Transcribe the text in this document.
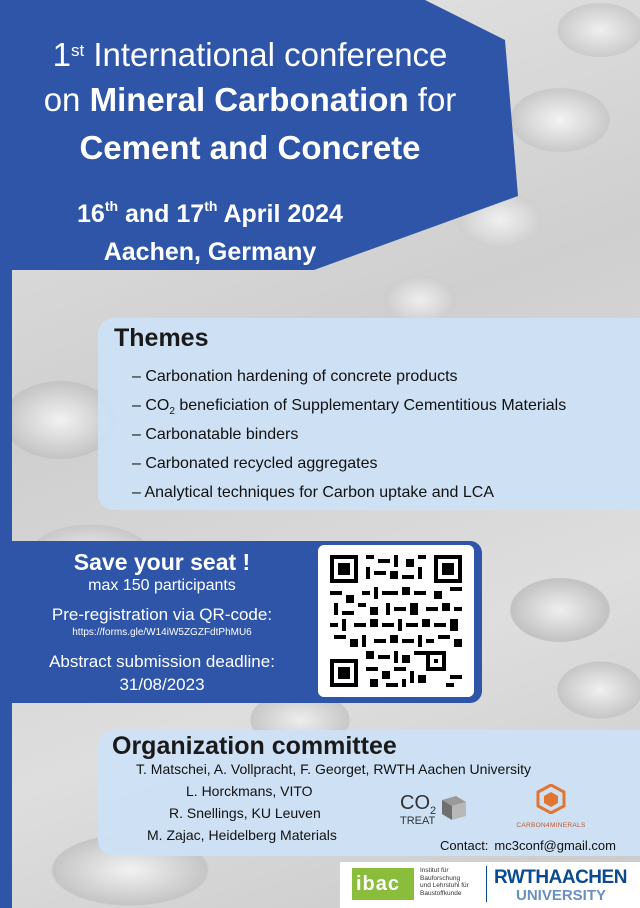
1st International conference
on Mineral Carbonation for
Cement and Concrete
16th and 17th April 2024
Aachen, Germany
Themes
– Carbonation hardening of concrete products
– $CO_2$ beneficiation of Supplementary Cementitious Materials
– Carbonatable binders
– Carbonated recycled aggregates
– Analytical techniques for Carbon uptake and LCA
Save your seat !
max 150 participants
Pre-registration via QR-code:
https://forms.gle/W14iW5ZGZFdtPhMU6
Abstract submission deadline:
31/08/2023
Organization committee
T. Matschei, A. Vollpracht, F. Georget, RWTH Aachen University
L. Horckmans, VITO
R. Snellings, KU Leuven
M. Zajac, Heidelberg Materials
Contact: mc3conf@gmail.com
$CO_2$
TREAT	CARBON4MINERALS
ibac
Institut für
Bauforschung
und Lehrstuhl für
Baustoffkunde
RWTHAACHEN
UNIVERSITY
